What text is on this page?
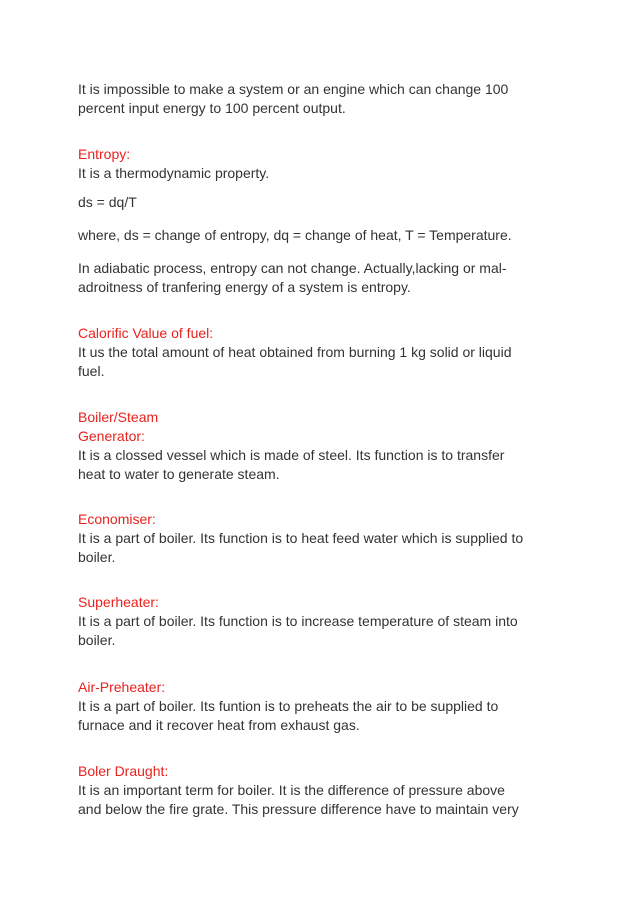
It is impossible to make a system or an engine which can change 100
percent input energy to 100 percent output.

Entropy:
It is a thermodynamic property.

ds = dq/T

where, ds = change of entropy, dq = change of heat, T = Temperature.

In adiabatic process, entropy can not change. Actually,lacking or mal-
adroitness of tranfering energy of a system is entropy.

Calorific Value of fuel:
It us the total amount of heat obtained from burning 1 kg solid or liquid
fuel.

Boiler/Steam
Generator:
It is a clossed vessel which is made of steel. Its function is to transfer
heat to water to generate steam.

Economiser:
It is a part of boiler. Its function is to heat feed water which is supplied to
boiler.

Superheater:
It is a part of boiler. Its function is to increase temperature of steam into
boiler.

Air-Preheater:
It is a part of boiler. Its funtion is to preheats the air to be supplied to
furnace and it recover heat from exhaust gas.

Boler Draught:
It is an important term for boiler. It is the difference of pressure above
and below the fire grate. This pressure difference have to maintain very
